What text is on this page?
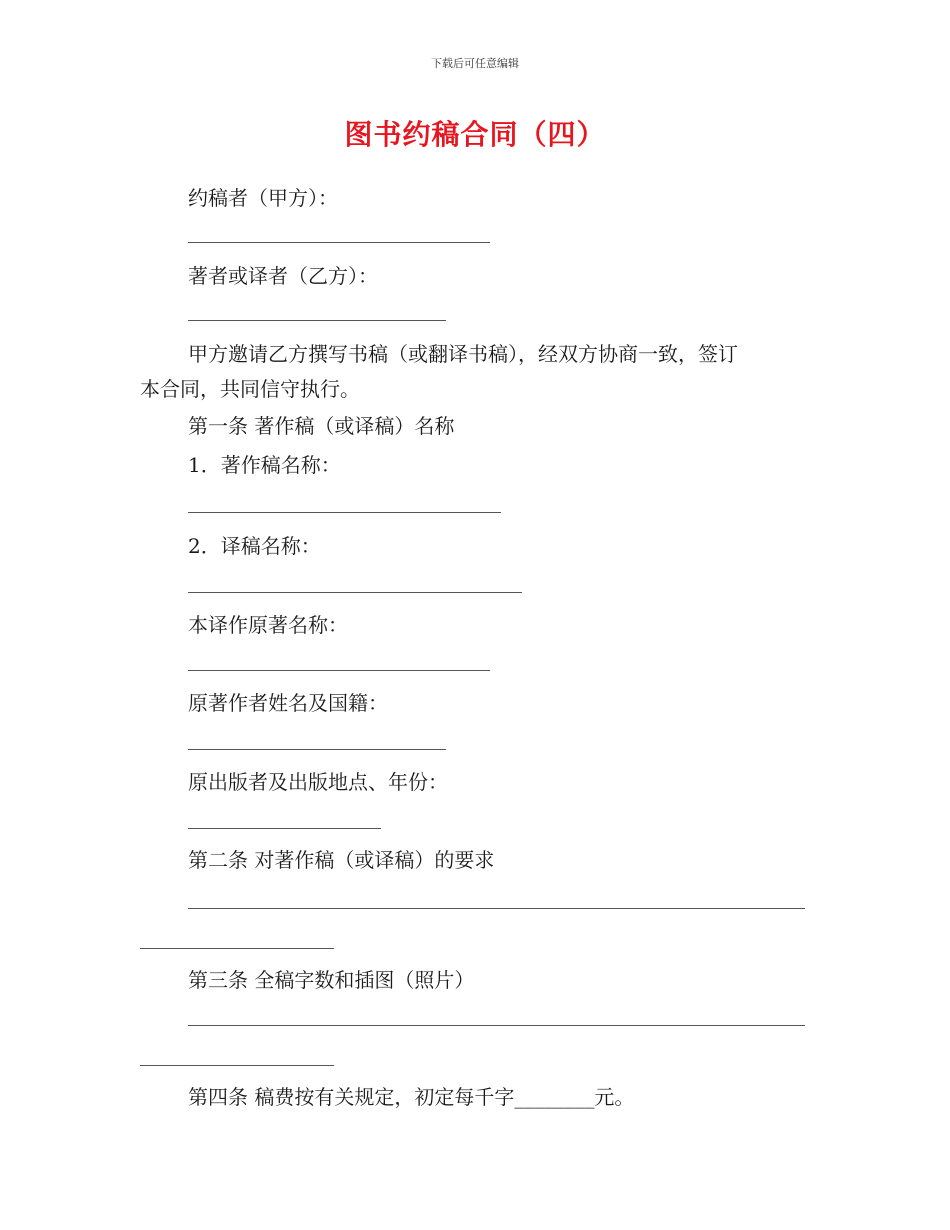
下载后可任意编辑
图书约稿合同（四）
约稿者（甲方）：
著者或译者（乙方）：
甲方邀请乙方撰写书稿（或翻译书稿），经双方协商一致，签订
本合同，共同信守执行。
第一条 著作稿（或译稿）名称
1．著作稿名称：
2．译稿名称：
本译作原著名称：
原著作者姓名及国籍：
原出版者及出版地点、年份：
第二条 对著作稿（或译稿）的要求
第三条 全稿字数和插图（照片）
第四条 稿费按有关规定，初定每千字________元。
